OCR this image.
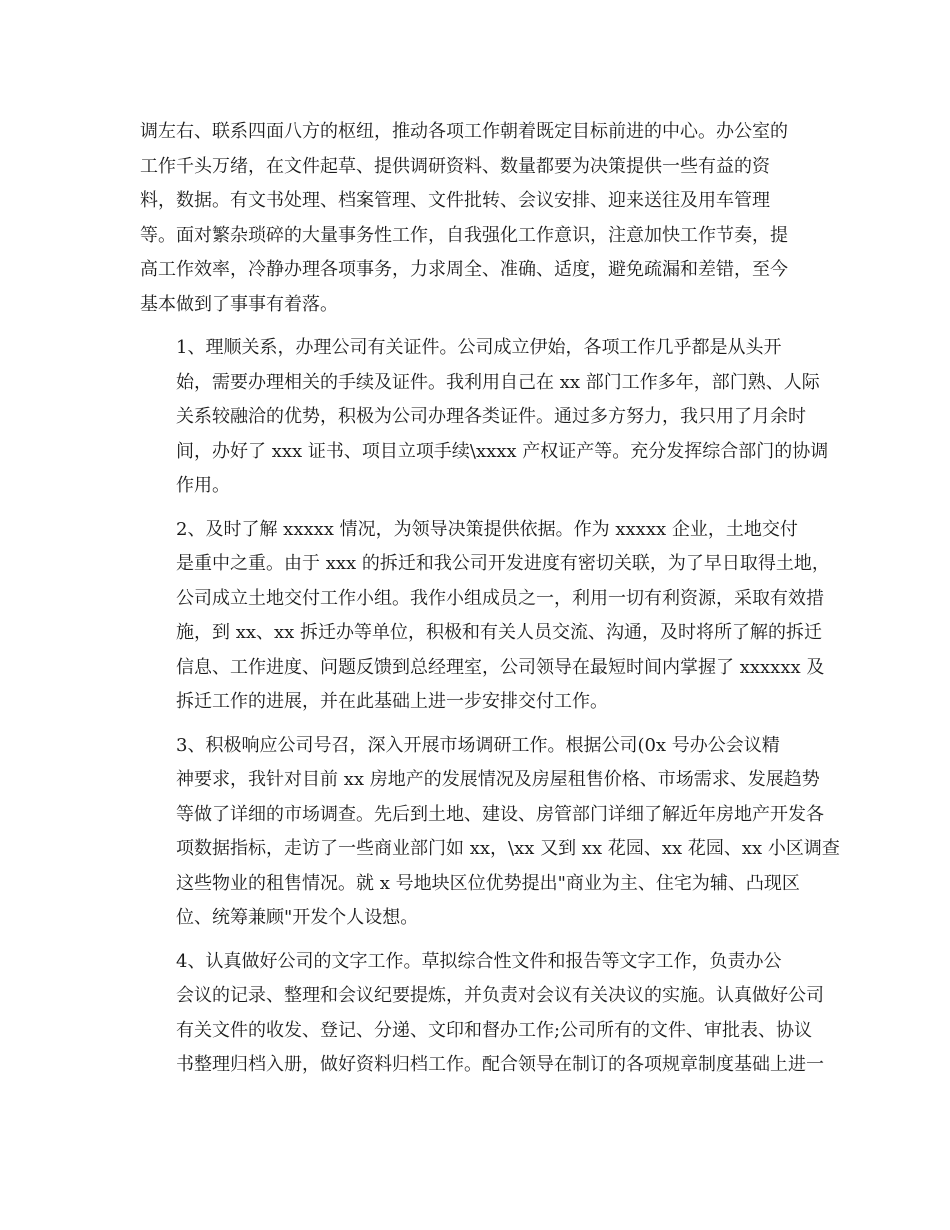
调左右、联系四面八方的枢纽，推动各项工作朝着既定目标前进的中心。办公室的
工作千头万绪，在文件起草、提供调研资料、数量都要为决策提供一些有益的资
料，数据。有文书处理、档案管理、文件批转、会议安排、迎来送往及用车管理
等。面对繁杂琐碎的大量事务性工作，自我强化工作意识，注意加快工作节奏，提
高工作效率，冷静办理各项事务，力求周全、准确、适度，避免疏漏和差错，至今
基本做到了事事有着落。
1、理顺关系，办理公司有关证件。公司成立伊始，各项工作几乎都是从头开
始，需要办理相关的手续及证件。我利用自己在 xx 部门工作多年，部门熟、人际
关系较融洽的优势，积极为公司办理各类证件。通过多方努力，我只用了月余时
间，办好了 xxx 证书、项目立项手续\xxxx 产权证产等。充分发挥综合部门的协调
作用。
2、及时了解 xxxxx 情况，为领导决策提供依据。作为 xxxxx 企业，土地交付
是重中之重。由于 xxx 的拆迁和我公司开发进度有密切关联，为了早日取得土地，
公司成立土地交付工作小组。我作小组成员之一，利用一切有利资源，采取有效措
施，到 xx、xx 拆迁办等单位，积极和有关人员交流、沟通，及时将所了解的拆迁
信息、工作进度、问题反馈到总经理室，公司领导在最短时间内掌握了 xxxxxx 及
拆迁工作的进展，并在此基础上进一步安排交付工作。
3、积极响应公司号召，深入开展市场调研工作。根据公司(0x 号办公会议精
神要求，我针对目前 xx 房地产的发展情况及房屋租售价格、市场需求、发展趋势
等做了详细的市场调查。先后到土地、建设、房管部门详细了解近年房地产开发各
项数据指标，走访了一些商业部门如 xx，\xx 又到 xx 花园、xx 花园、xx 小区调查
这些物业的租售情况。就 x 号地块区位优势提出"商业为主、住宅为辅、凸现区
位、统筹兼顾"开发个人设想。
4、认真做好公司的文字工作。草拟综合性文件和报告等文字工作，负责办公
会议的记录、整理和会议纪要提炼，并负责对会议有关决议的实施。认真做好公司
有关文件的收发、登记、分递、文印和督办工作;公司所有的文件、审批表、协议
书整理归档入册，做好资料归档工作。配合领导在制订的各项规章制度基础上进一
